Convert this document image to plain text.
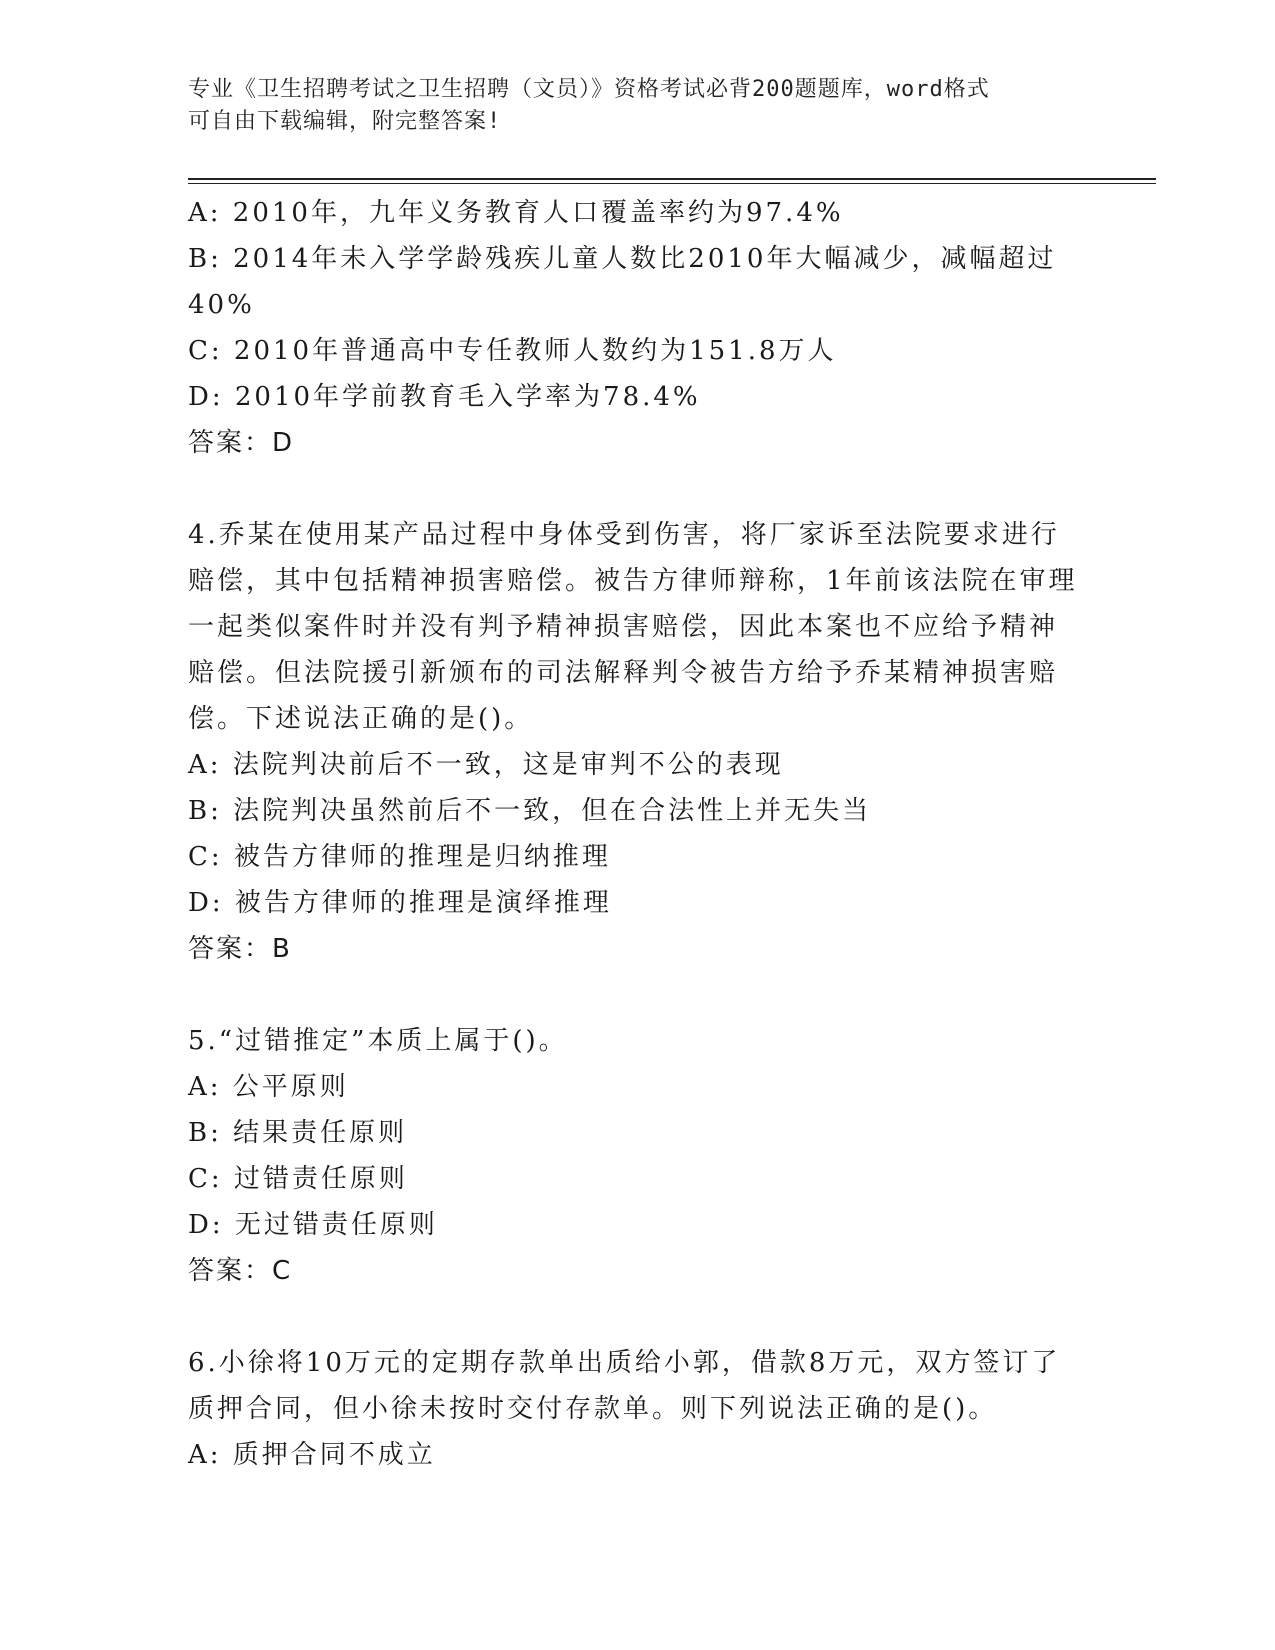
专业《卫生招聘考试之卫生招聘（文员）》资格考试必背200题题库，word格式
可自由下载编辑，附完整答案!
A: 2010年，九年义务教育人口覆盖率约为97.4%
B: 2014年未入学学龄残疾儿童人数比2010年大幅减少，减幅超过
40%
C: 2010年普通高中专任教师人数约为151.8万人
D: 2010年学前教育毛入学率为78.4%
答案：D
4.乔某在使用某产品过程中身体受到伤害，将厂家诉至法院要求进行
赔偿，其中包括精神损害赔偿。被告方律师辩称，1年前该法院在审理
一起类似案件时并没有判予精神损害赔偿，因此本案也不应给予精神
赔偿。但法院援引新颁布的司法解释判令被告方给予乔某精神损害赔
偿。下述说法正确的是()。
A: 法院判决前后不一致，这是审判不公的表现
B: 法院判决虽然前后不一致，但在合法性上并无失当
C: 被告方律师的推理是归纳推理
D: 被告方律师的推理是演绎推理
答案：B
5.“过错推定”本质上属于()。
A: 公平原则
B: 结果责任原则
C: 过错责任原则
D: 无过错责任原则
答案：C
6.小徐将10万元的定期存款单出质给小郭，借款8万元，双方签订了
质押合同，但小徐未按时交付存款单。则下列说法正确的是()。
A: 质押合同不成立
